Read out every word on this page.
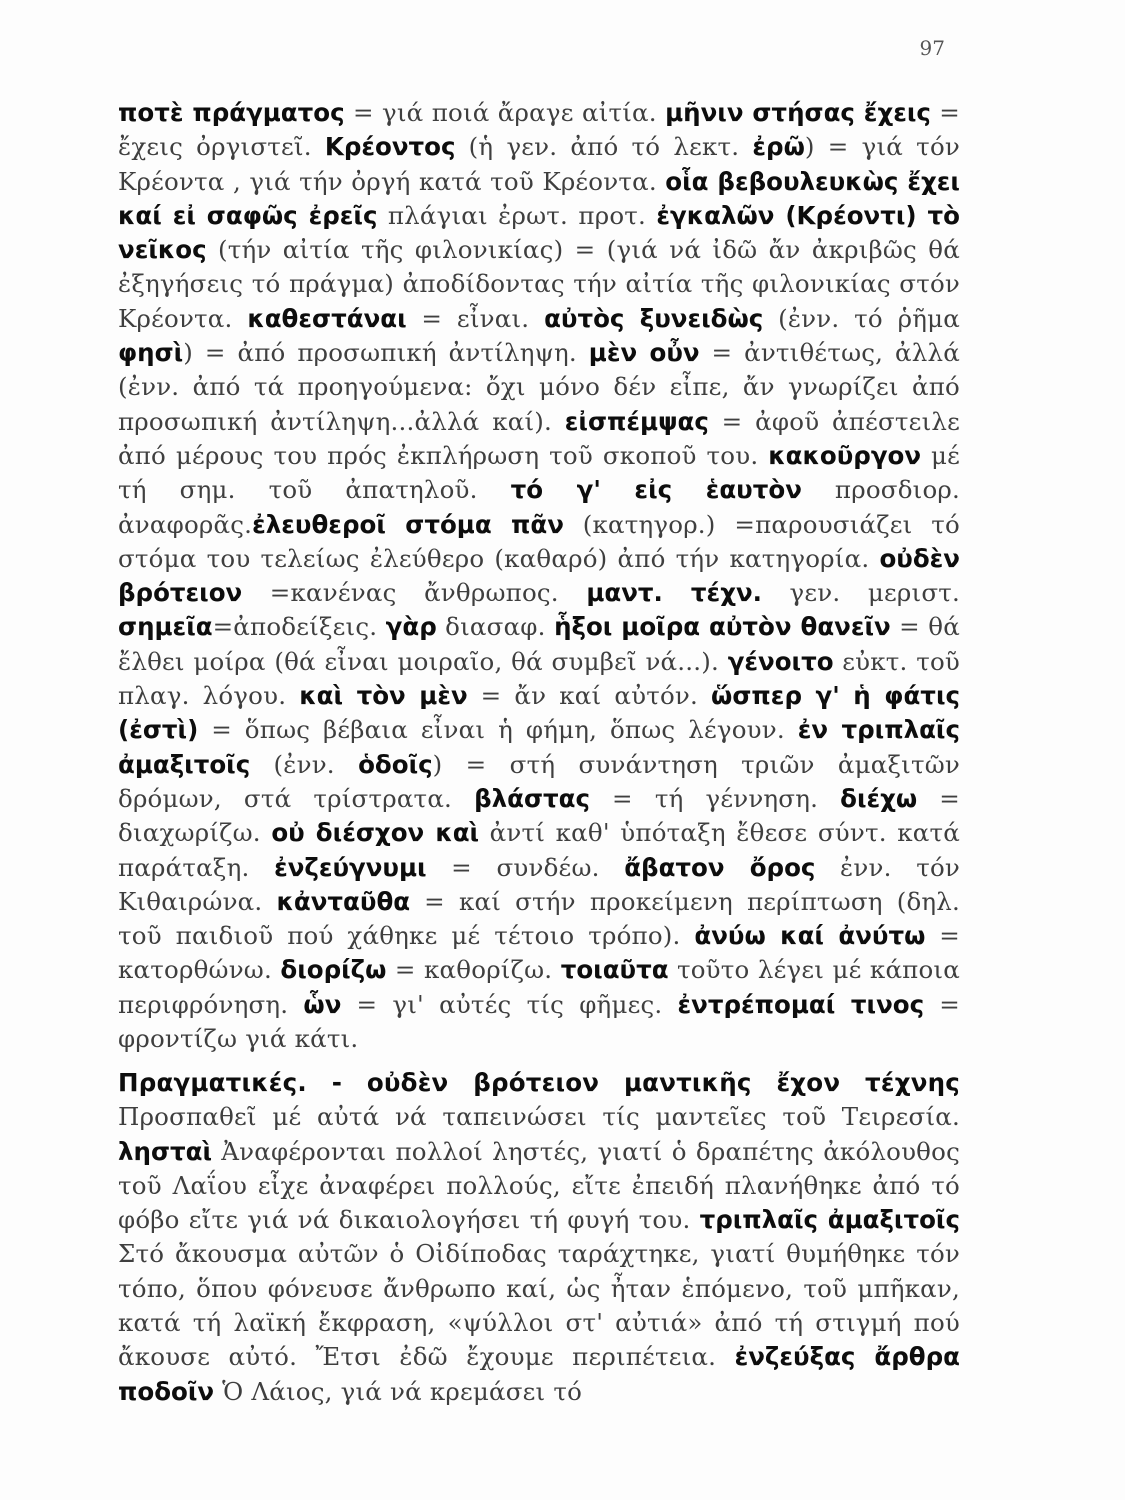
97
ποτὲ πράγματος = γιά ποιά ἄραγε αἰτία. μῆνιν στήσας ἔχεις = ἔχεις ὀργιστεῖ. Κρέοντος (ἡ γεν. ἀπό τό λεκτ. ἐρῶ) = γιά τόν Κρέοντα , γιά τήν ὀργή κατά τοῦ Κρέοντα. οἷα βεβουλευκὼς ἔχει καί εἰ σαφῶς ἐρεῖς πλάγιαι ἐρωτ. προτ. ἐγκαλῶν (Κρέοντι) τὸ νεῖκος (τήν αἰτία τῆς φιλονικίας) = (γιά νά ἰδῶ ἄν ἀκριβῶς θά ἐξηγήσεις τό πράγμα) ἀποδίδοντας τήν αἰτία τῆς φιλονικίας στόν Κρέοντα. καθεστάναι = εἶναι. αὐτὸς ξυνειδὼς (ἐνν. τό ῥῆμα φησὶ) = ἀπό προσωπική ἀντίληψη. μὲν οὖν = ἀντιθέτως, ἀλλά (ἐνν. ἀπό τά προηγούμενα: ὄχι μόνο δέν εἶπε, ἄν γνωρίζει ἀπό προσωπική ἀντίληψη...ἀλλά καί). εἰσπέμψας = ἀφοῦ ἀπέστειλε ἀπό μέρους του πρός ἐκπλήρωση τοῦ σκοποῦ του. κακοῦργον μέ τή σημ. τοῦ ἀπατηλοῦ. τό γ' εἰς ἑαυτὸν προσδιορ. ἀναφορᾶς.ἐλευθεροῖ στόμα πᾶν (κατηγορ.) =παρουσιάζει τό στόμα του τελείως ἐλεύθερο (καθαρό) ἀπό τήν κατηγορία. οὐδὲν βρότειον =κανένας ἄνθρωπος. μαντ. τέχν. γεν. μεριστ. σημεῖα=ἀποδείξεις. γὰρ διασαφ. ἧξοι μοῖρα αὐτὸν θανεῖν = θά ἔλθει μοίρα (θά εἶναι μοιραῖο, θά συμβεῖ νά...). γένοιτο εὐκτ. τοῦ πλαγ. λόγου. καὶ τὸν μὲν = ἄν καί αὐτόν. ὥσπερ γ' ἡ φάτις (ἐστὶ) = ὅπως βέβαια εἶναι ἡ φήμη, ὅπως λέγουν. ἐν τριπλαῖς ἀμαξιτοῖς (ἐνν. ὁδοῖς) = στή συνάντηση τριῶν ἀμαξιτῶν δρόμων, στά τρίστρατα. βλάστας = τή γέννηση. διέχω = διαχωρίζω. οὐ διέσχον καὶ ἀντί καθ' ὑπόταξη ἔθεσε σύντ. κατά παράταξη. ἐνζεύγνυμι = συνδέω. ἄβατον ὄρος ἐνν. τόν Κιθαιρώνα. κἀνταῦθα = καί στήν προκείμενη περίπτωση (δηλ. τοῦ παιδιοῦ πού χάθηκε μέ τέτοιο τρόπο). ἀνύω καί ἀνύτω = κατορθώνω. διορίζω = καθορίζω. τοιαῦτα τοῦτο λέγει μέ κάποια περιφρόνηση. ὧν = γι' αὐτές τίς φῆμες. ἐντρέπομαί τινος = φροντίζω γιά κάτι.
Πραγματικές. - οὐδὲν βρότειον μαντικῆς ἔχον τέχνης Προσπαθεῖ μέ αὐτά νά ταπεινώσει τίς μαντεῖες τοῦ Τειρεσία. λησταὶ Ἀναφέρονται πολλοί ληστές, γιατί ὁ δραπέτης ἀκόλουθος τοῦ Λαΐου εἶχε ἀναφέρει πολλούς, εἴτε ἐπειδή πλανήθηκε ἀπό τό φόβο εἴτε γιά νά δικαιολογήσει τή φυγή του. τριπλαῖς ἀμαξιτοῖς Στό ἄκουσμα αὐτῶν ὁ Οἰδίποδας ταράχτηκε, γιατί θυμήθηκε τόν τόπο, ὅπου φόνευσε ἄνθρωπο καί, ὡς ἦταν ἑπόμενο, τοῦ μπῆκαν, κατά τή λαϊκή ἔκφραση, «ψύλλοι στ' αὐτιά» ἀπό τή στιγμή πού ἄκουσε αὐτό. Ἔτσι ἐδῶ ἔχουμε περιπέτεια. ἐνζεύξας ἄρθρα ποδοῖν Ὁ Λάιος, γιά νά κρεμάσει τό
